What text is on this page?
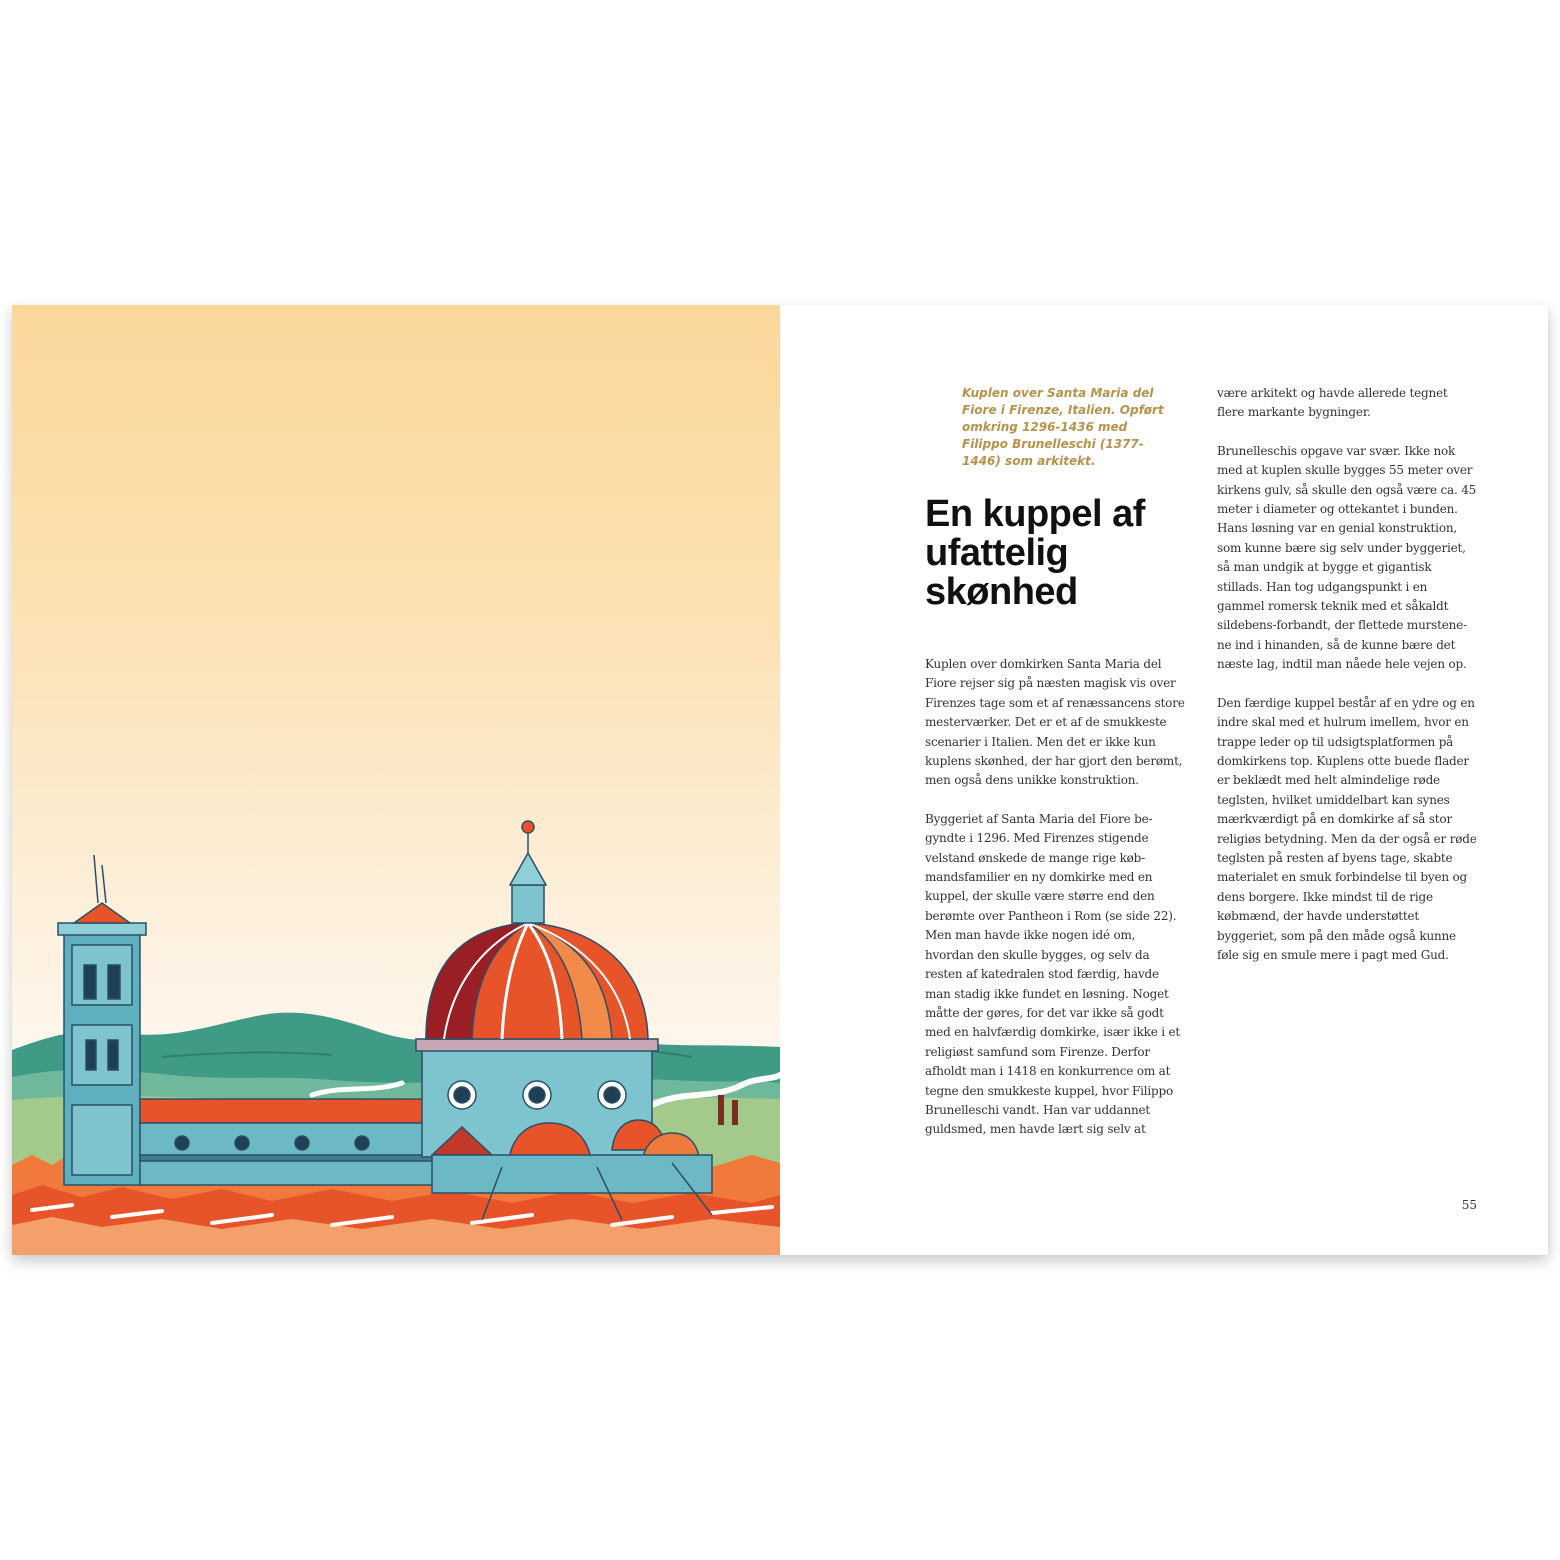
Kuplen over Santa Maria del Fiore i Firenze, Italien. Opført omkring 1296-1436 med Filippo Brunelleschi (1377-1446) som arkitekt.

En kuppel af ufattelig skønhed

Kuplen over domkirken Santa Maria del Fiore rejser sig på næsten magisk vis over Firenzes tage som et af renæssancens store mesterværker. Det er et af de smukkeste scenarier i Italien. Men det er ikke kun kuplens skønhed, der har gjort den berømt, men også dens unikke konstruktion.

Byggeriet af Santa Maria del Fiore begyndte i 1296. Med Firenzes stigende velstand ønskede de mange rige købmandsfamilier en ny domkirke med en kuppel, der skulle være større end den berømte over Pantheon i Rom (se side 22). Men man havde ikke nogen idé om, hvordan den skulle bygges, og selv da resten af katedralen stod færdig, havde man stadig ikke fundet en løsning. Noget måtte der gøres, for det var ikke så godt med en halvfærdig domkirke, især ikke i et religiøst samfund som Firenze. Derfor afholdt man i 1418 en konkurrence om at tegne den smukkeste kuppel, hvor Filippo Brunelleschi vandt. Han var uddannet guldsmed, men havde lært sig selv at

være arkitekt og havde allerede tegnet flere markante bygninger.

Brunelleschis opgave var svær. Ikke nok med at kuplen skulle bygges 55 meter over kirkens gulv, så skulle den også være ca. 45 meter i diameter og ottekantet i bunden. Hans løsning var en genial konstruktion, som kunne bære sig selv under byggeriet, så man undgik at bygge et gigantisk stillads. Han tog udgangspunkt i en gammel romersk teknik med et såkaldt sildebens-forbandt, der flettede murstenene ind i hinanden, så de kunne bære det næste lag, indtil man nåede hele vejen op.

Den færdige kuppel består af en ydre og en indre skal med et hulrum imellem, hvor en trappe leder op til udsigtsplatformen på domkirkens top. Kuplens otte buede flader er beklædt med helt almindelige røde teglsten, hvilket umiddelbart kan synes mærkværdigt på en domkirke af så stor religiøs betydning. Men da der også er røde teglsten på resten af byens tage, skabte materialet en smuk forbindelse til byen og dens borgere. Ikke mindst til de rige købmænd, der havde understøttet byggeriet, som på den måde også kunne føle sig en smule mere i pagt med Gud.

55
